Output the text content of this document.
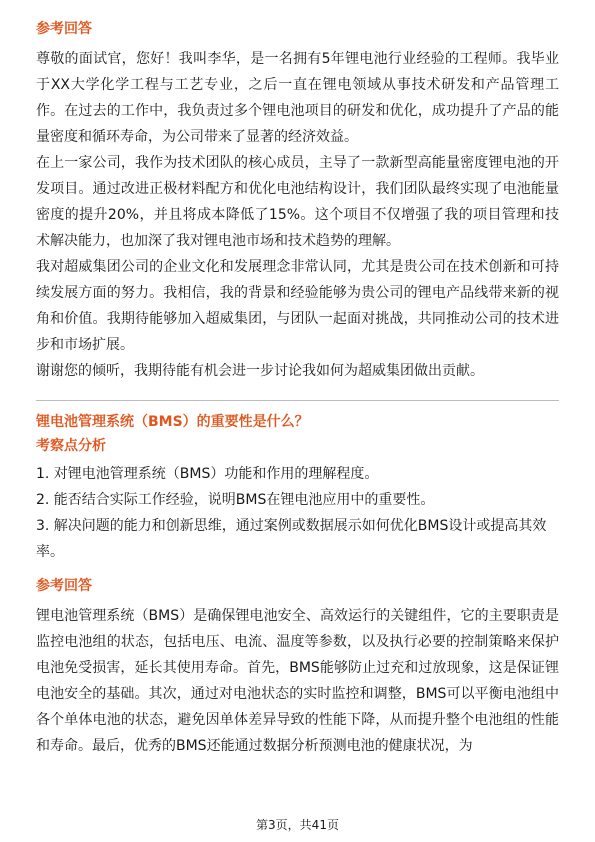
参考回答

尊敬的面试官，您好！我叫李华，是一名拥有5年锂电池行业经验的工程师。我毕业于XX大学化学工程与工艺专业，之后一直在锂电领域从事技术研发和产品管理工作。在过去的工作中，我负责过多个锂电池项目的研发和优化，成功提升了产品的能量密度和循环寿命，为公司带来了显著的经济效益。

在上一家公司，我作为技术团队的核心成员，主导了一款新型高能量密度锂电池的开发项目。通过改进正极材料配方和优化电池结构设计，我们团队最终实现了电池能量密度的提升20%，并且将成本降低了15%。这个项目不仅增强了我的项目管理和技术解决能力，也加深了我对锂电池市场和技术趋势的理解。

我对超威集团公司的企业文化和发展理念非常认同，尤其是贵公司在技术创新和可持续发展方面的努力。我相信，我的背景和经验能够为贵公司的锂电产品线带来新的视角和价值。我期待能够加入超威集团，与团队一起面对挑战，共同推动公司的技术进步和市场扩展。

谢谢您的倾听，我期待能有机会进一步讨论我如何为超威集团做出贡献。

锂电池管理系统（BMS）的重要性是什么？

考察点分析

1. 对锂电池管理系统（BMS）功能和作用的理解程度。

2. 能否结合实际工作经验，说明BMS在锂电池应用中的重要性。

3. 解决问题的能力和创新思维，通过案例或数据展示如何优化BMS设计或提高其效率。

参考回答

锂电池管理系统（BMS）是确保锂电池安全、高效运行的关键组件，它的主要职责是监控电池组的状态，包括电压、电流、温度等参数，以及执行必要的控制策略来保护电池免受损害，延长其使用寿命。首先，BMS能够防止过充和过放现象，这是保证锂电池安全的基础。其次，通过对电池状态的实时监控和调整，BMS可以平衡电池组中各个单体电池的状态，避免因单体差异导致的性能下降，从而提升整个电池组的性能和寿命。最后，优秀的BMS还能通过数据分析预测电池的健康状况，为

第3页，共41页
